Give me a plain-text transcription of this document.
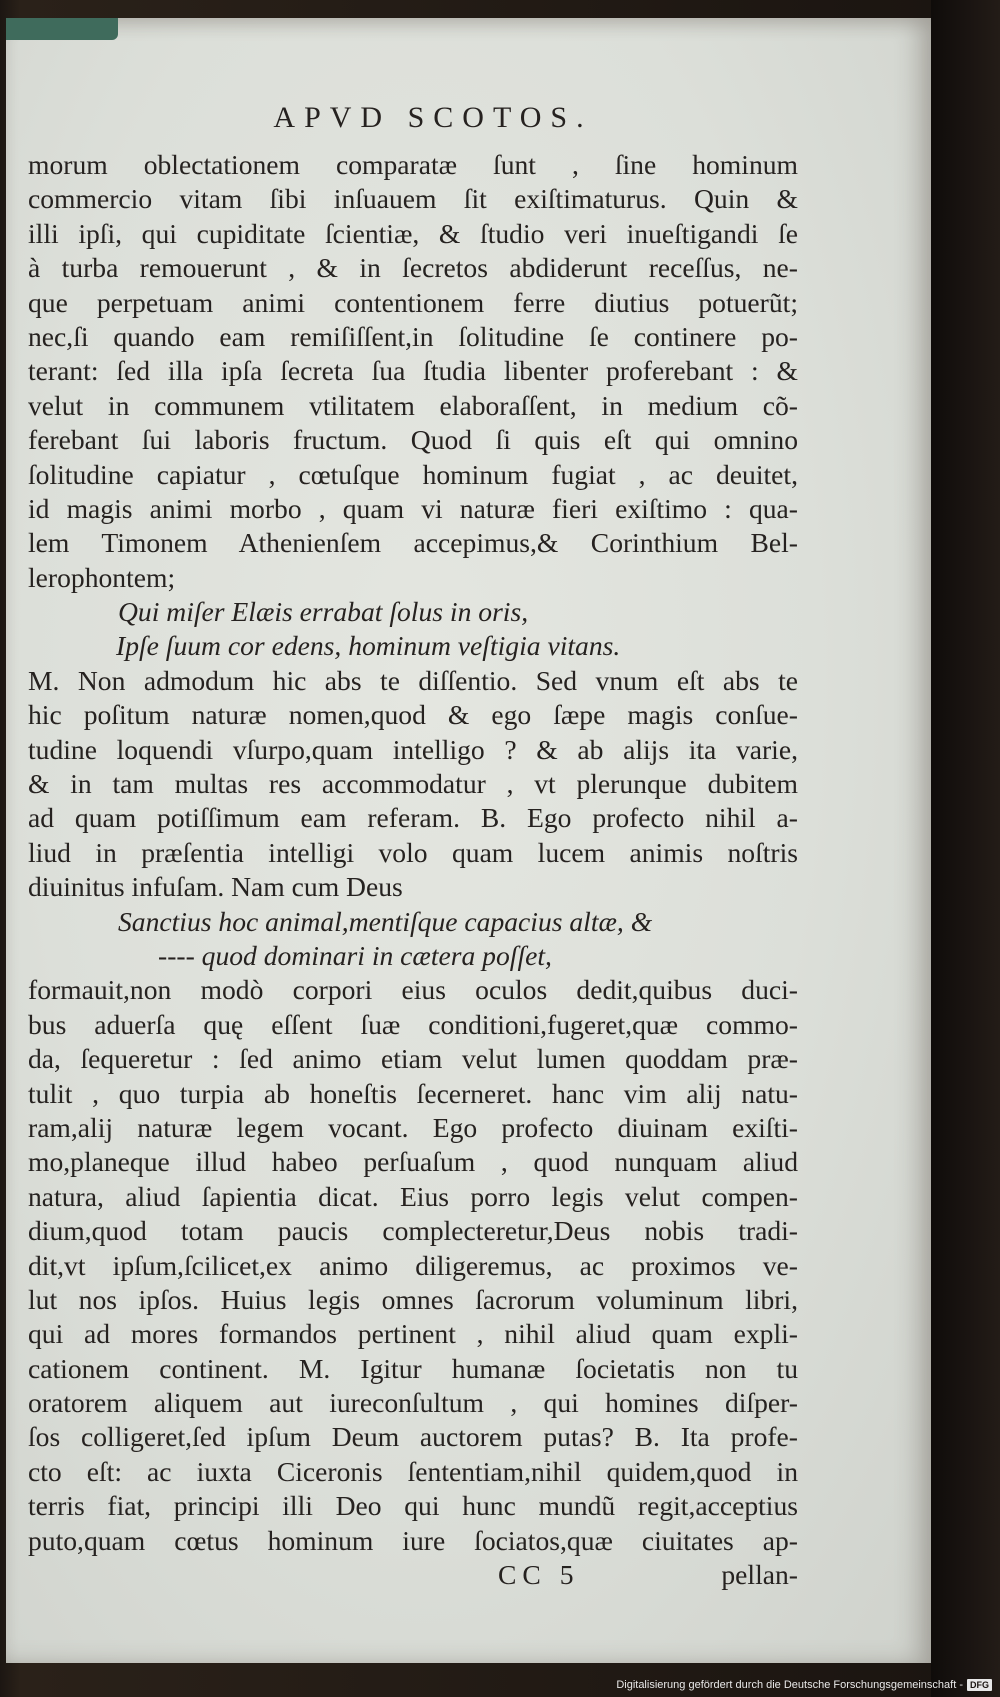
APVD SCOTOS.
morum oblectationem comparatæ ſunt , ſine hominum
commercio vitam ſibi inſuauem ſit exiſtimaturus. Quin &
illi ipſi, qui cupiditate ſcientiæ, & ſtudio veri inueſtigandi ſe
à turba remouerunt , & in ſecretos abdiderunt receſſus, ne-
que perpetuam animi contentionem ferre diutius potuerũt;
nec,ſi quando eam remiſiſſent,in ſolitudine ſe continere po-
terant: ſed illa ipſa ſecreta ſua ſtudia libenter proferebant : &
velut in communem vtilitatem elaboraſſent, in medium cõ-
ferebant ſui laboris fructum. Quod ſi quis eſt qui omnino
ſolitudine capiatur , cœtuſque hominum fugiat , ac deuitet,
id magis animi morbo , quam vi naturæ fieri exiſtimo : qua-
lem Timonem Athenienſem accepimus,& Corinthium Bel-
lerophontem;
Qui miſer Elæis errabat ſolus in oris,
Ipſe ſuum cor edens, hominum veſtigia vitans.
M. Non admodum hic abs te diſſentio. Sed vnum eſt abs te
hic poſitum naturæ nomen,quod & ego ſæpe magis conſue-
tudine loquendi vſurpo,quam intelligo ? & ab alijs ita varie,
& in tam multas res accommodatur , vt plerunque dubitem
ad quam potiſſimum eam referam. B. Ego profecto nihil a-
liud in præſentia intelligi volo quam lucem animis noſtris
diuinitus infuſam. Nam cum Deus
Sanctius hoc animal,mentiſque capacius altæ, &
---- quod dominari in cætera poſſet,
formauit,non modò corpori eius oculos dedit,quibus duci-
bus aduerſa quę eſſent ſuæ conditioni,fugeret,quæ commo-
da, ſequeretur : ſed animo etiam velut lumen quoddam præ-
tulit , quo turpia ab honeſtis ſecerneret. hanc vim alij natu-
ram,alij naturæ legem vocant. Ego profecto diuinam exiſti-
mo,planeque illud habeo perſuaſum , quod nunquam aliud
natura, aliud ſapientia dicat. Eius porro legis velut compen-
dium,quod totam paucis complecteretur,Deus nobis tradi-
dit,vt ipſum,ſcilicet,ex animo diligeremus, ac proximos ve-
lut nos ipſos. Huius legis omnes ſacrorum voluminum libri,
qui ad mores formandos pertinent , nihil aliud quam expli-
cationem continent. M. Igitur humanæ ſocietatis non tu
oratorem aliquem aut iureconſultum , qui homines diſper-
ſos colligeret,ſed ipſum Deum auctorem putas? B. Ita profe-
cto eſt: ac iuxta Ciceronis ſententiam,nihil quidem,quod in
terris fiat, principi illi Deo qui hunc mundũ regit,acceptius
puto,quam cœtus hominum iure ſociatos,quæ ciuitates ap-
CC 5	pellan-
Digitalisierung gefördert durch die Deutsche Forschungsgemeinschaft - DFG
